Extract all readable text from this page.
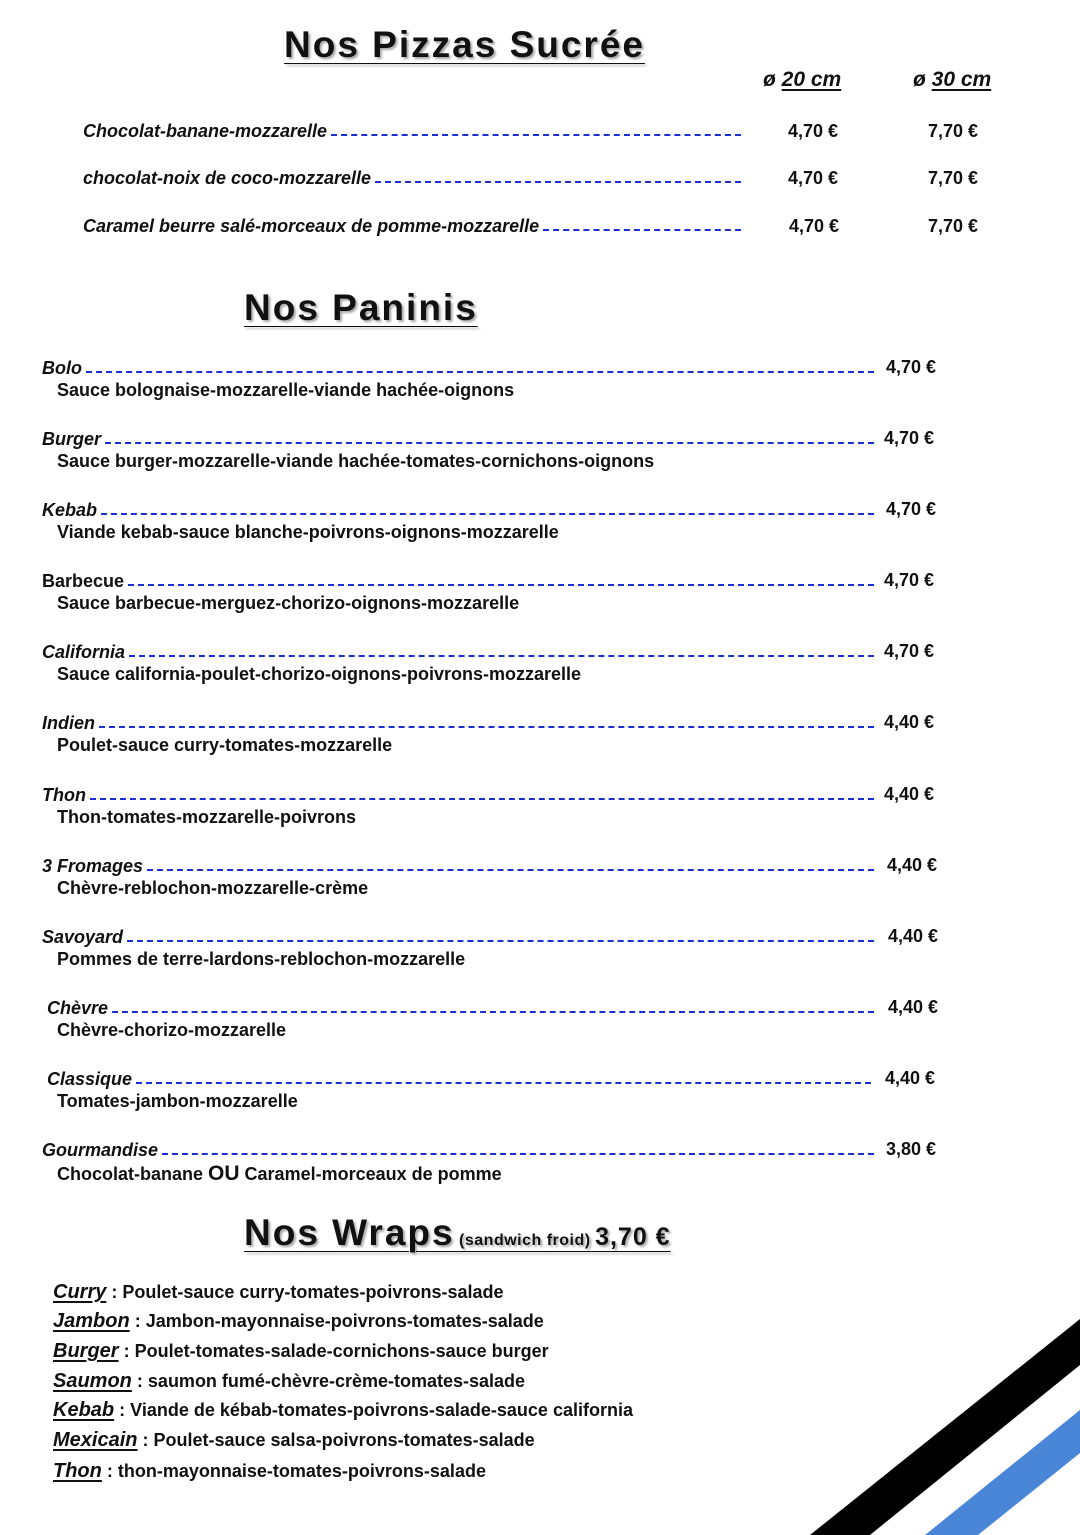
Nos Pizzas Sucrée
ø 20 cm	ø 30 cm
Chocolat-banane-mozzarelle	4,70 €	7,70 €
chocolat-noix de coco-mozzarelle	4,70 €	7,70 €
Caramel beurre salé-morceaux de pomme-mozzarelle	4,70 €	7,70 €
Nos Paninis
Bolo	4,70 €
Sauce bolognaise-mozzarelle-viande hachée-oignons
Burger	4,70 €
Sauce burger-mozzarelle-viande hachée-tomates-cornichons-oignons
Kebab	4,70 €
Viande kebab-sauce blanche-poivrons-oignons-mozzarelle
Barbecue	4,70 €
Sauce barbecue-merguez-chorizo-oignons-mozzarelle
California	4,70 €
Sauce california-poulet-chorizo-oignons-poivrons-mozzarelle
Indien	4,40 €
Poulet-sauce curry-tomates-mozzarelle
Thon	4,40 €
Thon-tomates-mozzarelle-poivrons
3 Fromages	4,40 €
Chèvre-reblochon-mozzarelle-crème
Savoyard	4,40 €
Pommes de terre-lardons-reblochon-mozzarelle
Chèvre	4,40 €
Chèvre-chorizo-mozzarelle
Classique	4,40 €
Tomates-jambon-mozzarelle
Gourmandise	3,80 €
Chocolat-banane OU Caramel-morceaux de pomme
Nos Wraps (sandwich froid) 3,70 €
Curry : Poulet-sauce curry-tomates-poivrons-salade
Jambon : Jambon-mayonnaise-poivrons-tomates-salade
Burger : Poulet-tomates-salade-cornichons-sauce burger
Saumon : saumon fumé-chèvre-crème-tomates-salade
Kebab : Viande de kébab-tomates-poivrons-salade-sauce california
Mexicain : Poulet-sauce salsa-poivrons-tomates-salade
Thon : thon-mayonnaise-tomates-poivrons-salade
